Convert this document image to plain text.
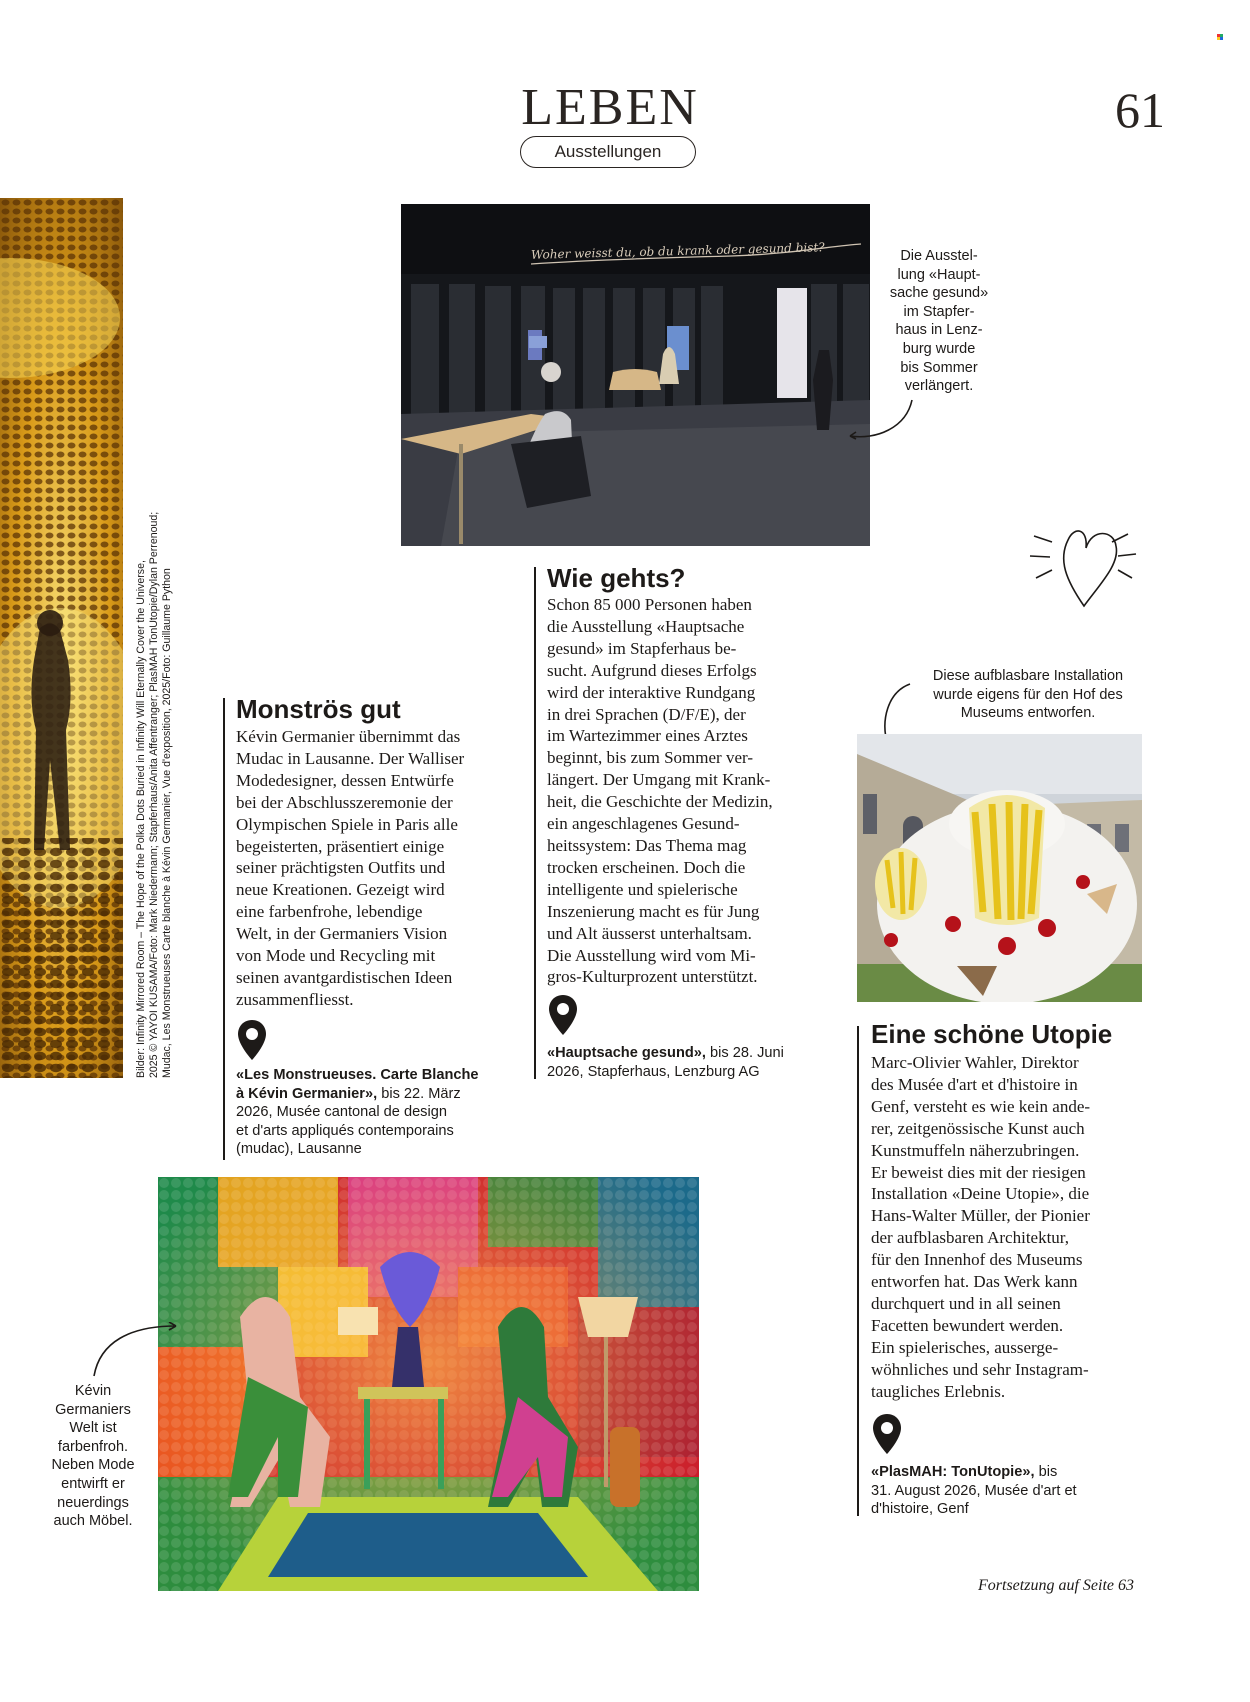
LEBEN
Ausstellungen
61
Bilder: Infinity Mirrored Room – The Hope of the Polka Dots Buried in Infinity Will Eternally Cover the Universe, 2025 © YAYOI KUSAMA/Foto: Mark Niedermann; Stapferhaus/Anita Affentranger; PlasMAH TonUtopie/Dylan Perrenoud; Mudac, Les Monstrueuses Carte blanche à Kévin Germanier, Vue d'exposition, 2025/Foto: Guillaume Python
Woher weisst du, ob du krank oder gesund bist?	Die Ausstel-
lung «Haupt-
sache gesund»
im Stapfer-
haus in Lenz-
burg wurde
bis Sommer
verlängert.
Wie gehts?
Schon 85 000 Personen haben
die Ausstellung «Hauptsache
gesund» im Stapferhaus be-
sucht. Aufgrund dieses Erfolgs
wird der interaktive Rundgang
in drei Sprachen (D/F/E), der
im Wartezimmer eines Arztes
beginnt, bis zum Sommer ver-
längert. Der Umgang mit Krank-
heit, die Geschichte der Medizin,
ein angeschlagenes Gesund-
heitssystem: Das Thema mag
trocken erscheinen. Doch die
intelligente und spielerische
Inszenierung macht es für Jung
und Alt äusserst unterhaltsam.
Die Ausstellung wird vom Mi-
gros-Kulturprozent unterstützt.
«Hauptsache gesund», bis 28. Juni
2026, Stapferhaus, Lenzburg AG
Monströs gut
Kévin Germanier übernimmt das
Mudac in Lausanne. Der Walliser
Modedesigner, dessen Entwürfe
bei der Abschlusszeremonie der
Olympischen Spiele in Paris alle
begeisterten, präsentiert einige
seiner prächtigsten Outfits und
neue Kreationen. Gezeigt wird
eine farbenfrohe, lebendige
Welt, in der Germaniers Vision
von Mode und Recycling mit
seinen avantgardistischen Ideen
zusammenfliesst.
«Les Monstrueuses. Carte Blanche
à Kévin Germanier», bis 22. März
2026, Musée cantonal de design
et d'arts appliqués contemporains
(mudac), Lausanne
Diese aufblasbare Installation
wurde eigens für den Hof des
Museums entworfen.
Eine schöne Utopie
Marc-Olivier Wahler, Direktor
des Musée d'art et d'histoire in
Genf, versteht es wie kein ande-
rer, zeitgenössische Kunst auch
Kunstmuffeln näherzubringen.
Er beweist dies mit der riesigen
Installation «Deine Utopie», die
Hans-Walter Müller, der Pionier
der aufblasbaren Architektur,
für den Innenhof des Museums
entworfen hat. Das Werk kann
durchquert und in all seinen
Facetten bewundert werden.
Ein spielerisches, ausserge-
wöhnliches und sehr Instagram-
taugliches Erlebnis.
«PlasMAH: TonUtopie», bis
31. August 2026, Musée d'art et
d'histoire, Genf
Kévin
Germaniers
Welt ist
farbenfroh.
Neben Mode
entwirft er
neuerdings
auch Möbel.
Fortsetzung auf Seite 63
